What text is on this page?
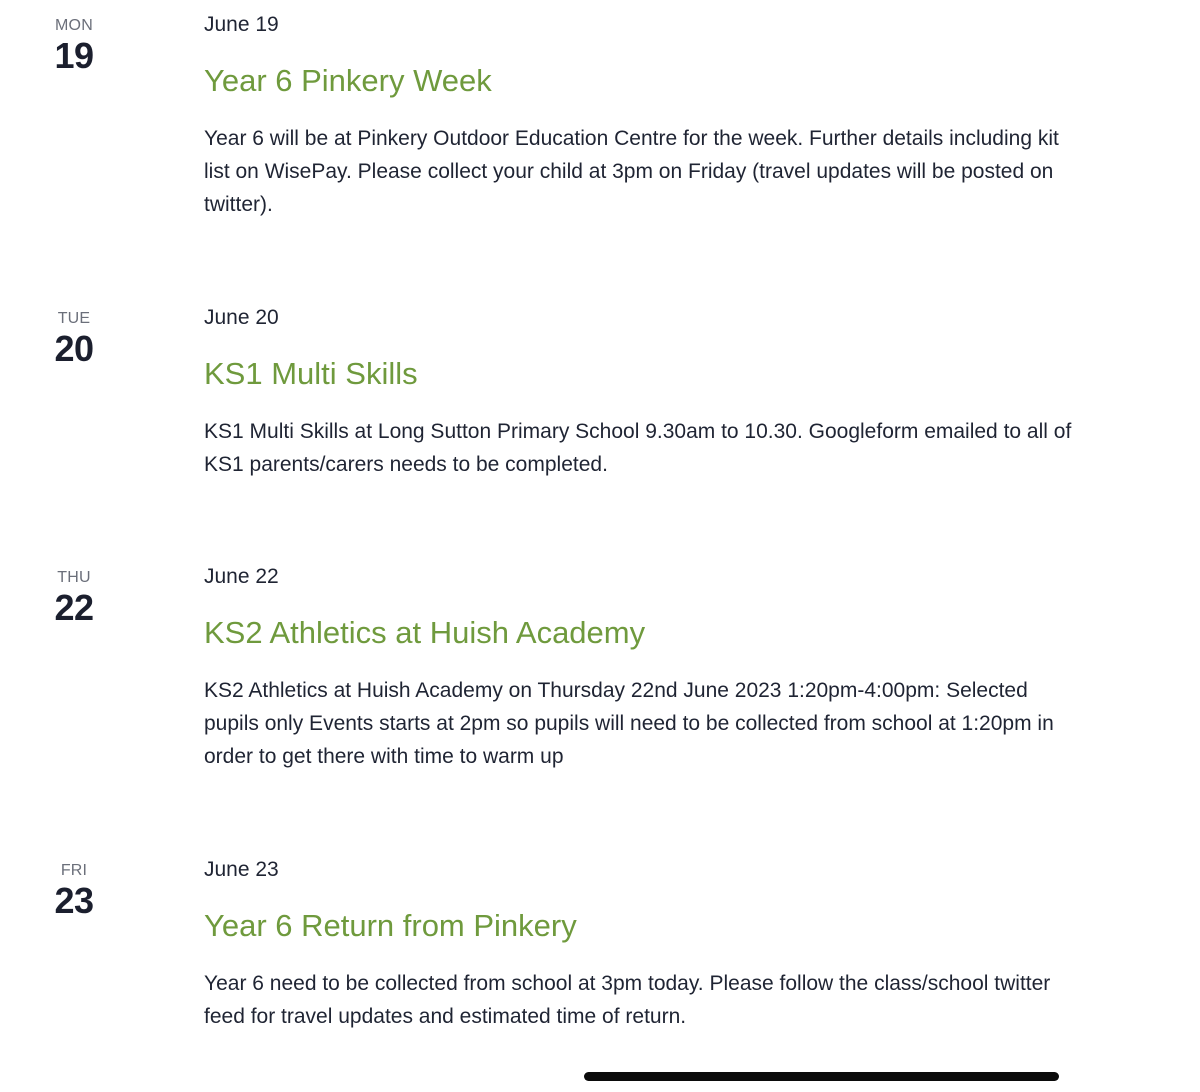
MON
19
June 19
Year 6 Pinkery Week
Year 6 will be at Pinkery Outdoor Education Centre for the week. Further details including kit list on WisePay. Please collect your child at 3pm on Friday (travel updates will be posted on twitter).
TUE
20
June 20
KS1 Multi Skills
KS1 Multi Skills at Long Sutton Primary School 9.30am to 10.30. Googleform emailed to all of KS1 parents/carers needs to be completed.
THU
22
June 22
KS2 Athletics at Huish Academy
KS2 Athletics at Huish Academy on Thursday 22nd June 2023 1:20pm-4:00pm: Selected pupils only Events starts at 2pm so pupils will need to be collected from school at 1:20pm in order to get there with time to warm up
FRI
23
June 23
Year 6 Return from Pinkery
Year 6 need to be collected from school at 3pm today. Please follow the class/school twitter feed for travel updates and estimated time of return.
